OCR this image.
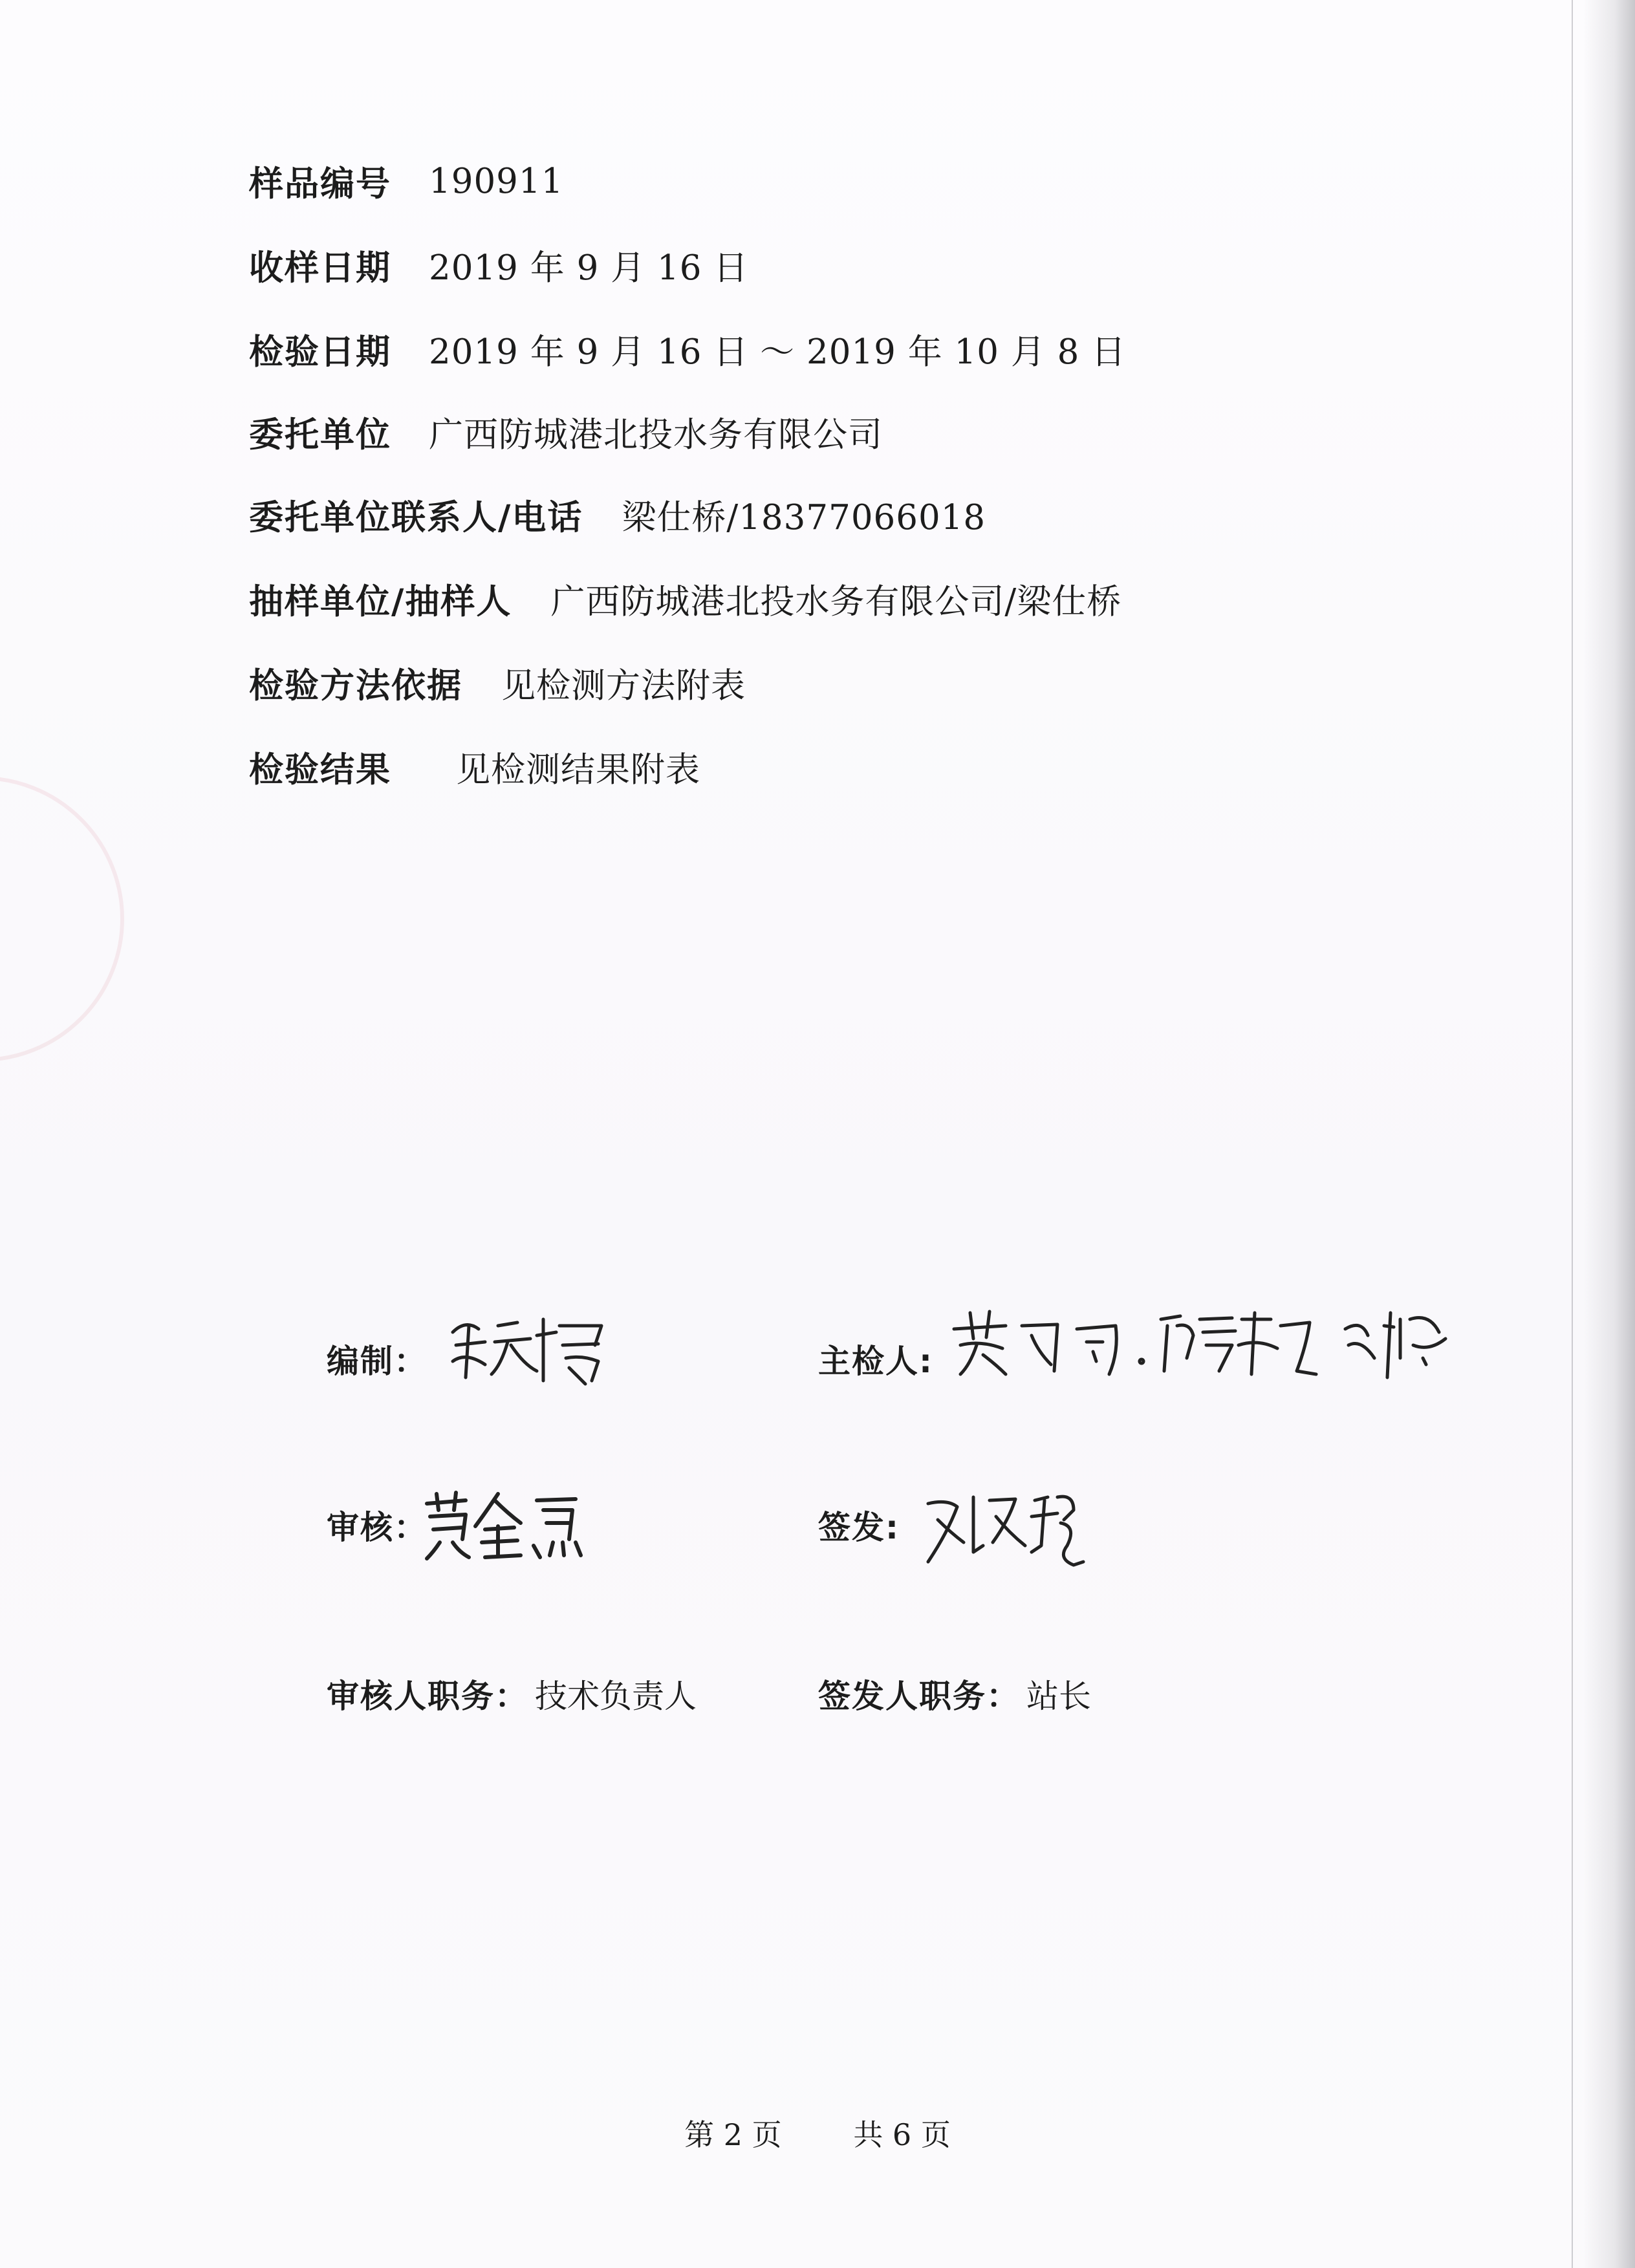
样品编号 190911
收样日期 2019 年 9 月 16 日
检验日期 2019 年 9 月 16 日 ～ 2019 年 10 月 8 日
委托单位 广西防城港北投水务有限公司
委托单位联系人/电话 梁仕桥/18377066018
抽样单位/抽样人 广西防城港北投水务有限公司/梁仕桥
检验方法依据 见检测方法附表
检验结果 见检测结果附表
编制：	主检人:
审核：	签发:
审核人职务： 技术负责人	签发人职务： 站长
第 2 页 共 6 页
